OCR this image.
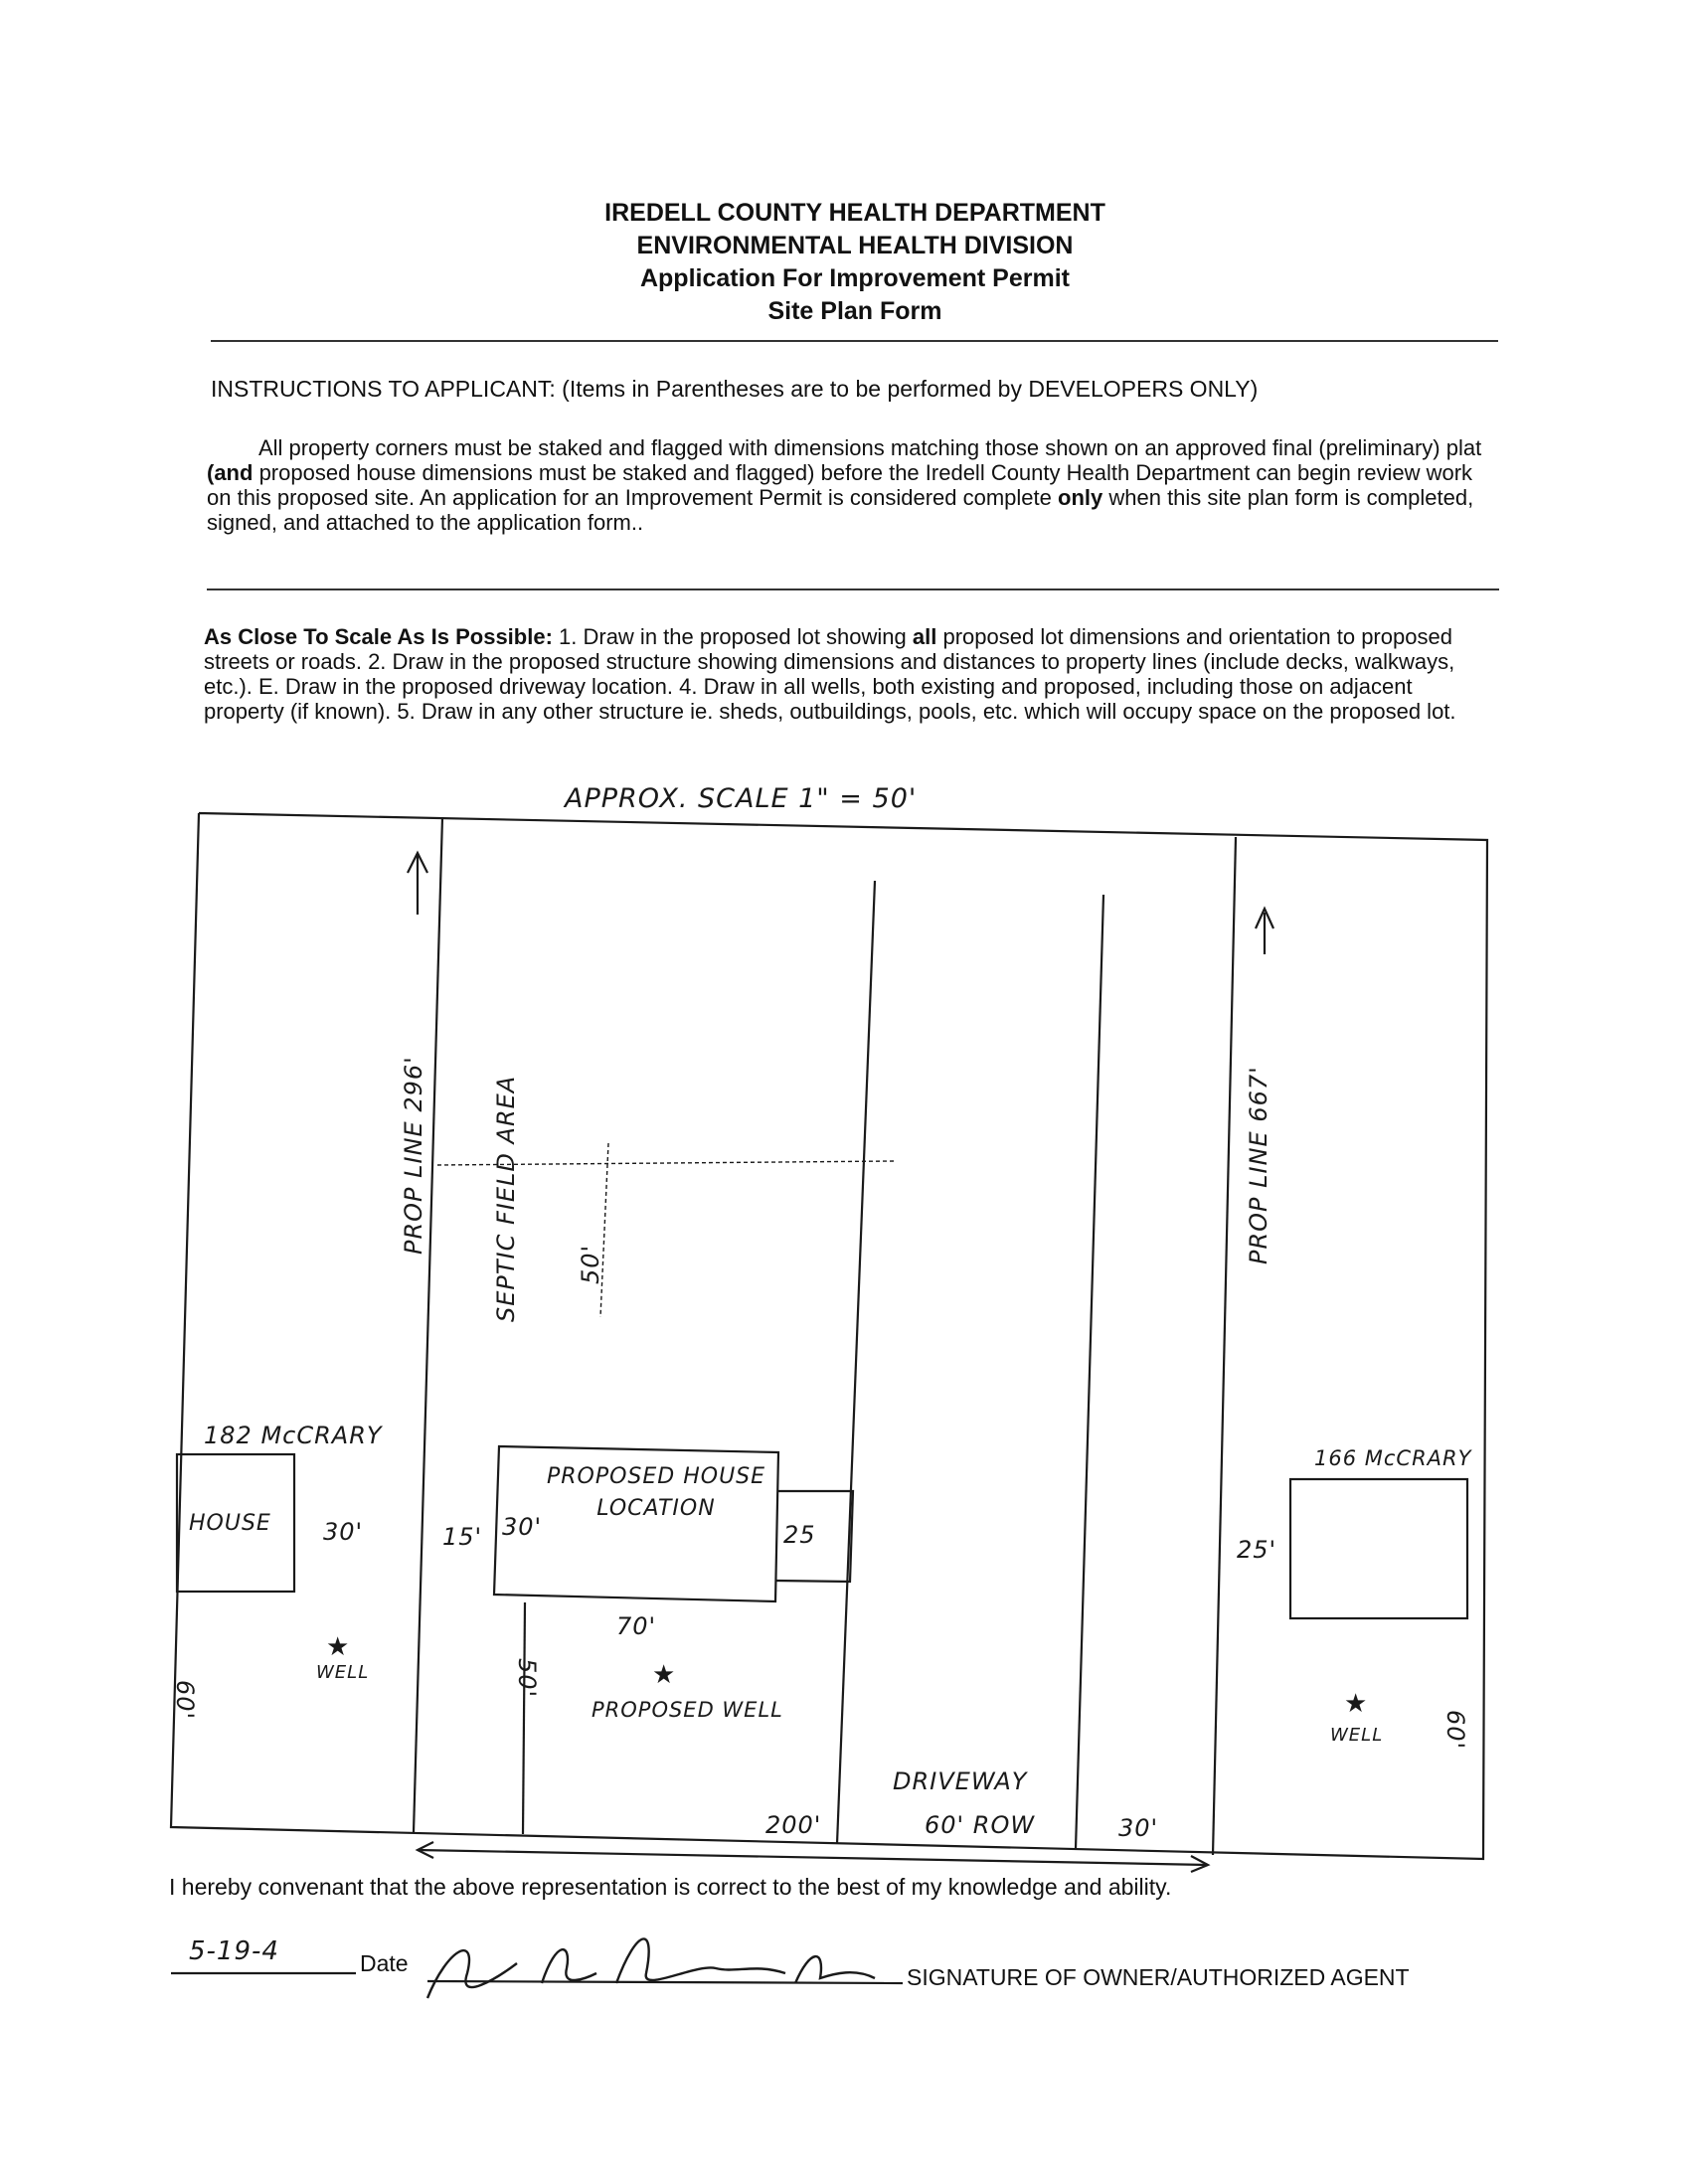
IREDELL COUNTY HEALTH DEPARTMENT
ENVIRONMENTAL HEALTH DIVISION
Application For Improvement Permit
Site Plan Form
INSTRUCTIONS TO APPLICANT: (Items in Parentheses are to be performed by DEVELOPERS ONLY)
All property corners must be staked and flagged with dimensions matching those shown on an approved final (preliminary) plat (and proposed house dimensions must be staked and flagged) before the Iredell County Health Department can begin review work on this proposed site. An application for an Improvement Permit is considered complete only when this site plan form is completed, signed, and attached to the application form..
As Close To Scale As Is Possible: 1. Draw in the proposed lot showing all proposed lot dimensions and orientation to proposed streets or roads. 2. Draw in the proposed structure showing dimensions and distances to property lines (include decks, walkways, etc.). E. Draw in the proposed driveway location. 4. Draw in all wells, both existing and proposed, including those on adjacent property (if known). 5. Draw in any other structure ie. sheds, outbuildings, pools, etc. which will occupy space on the proposed lot.
★
★
★
APPROX. SCALE 1" = 50'
PROP LINE 296'	PROP LINE 667'
SEPTIC FIELD AREA 50'
182 McCRARY
HOUSE 30'	15'
WELL
60'
PROPOSED HOUSE LOCATION
30'
70'
25
50'
PROPOSED WELL
166 McCRARY
25'
WELL 60'
DRIVEWAY
60' ROW
200'	30'
I hereby convenant that the above representation is correct to the best of my knowledge and ability.
5-19-4	Date
SIGNATURE OF OWNER/AUTHORIZED AGENT
